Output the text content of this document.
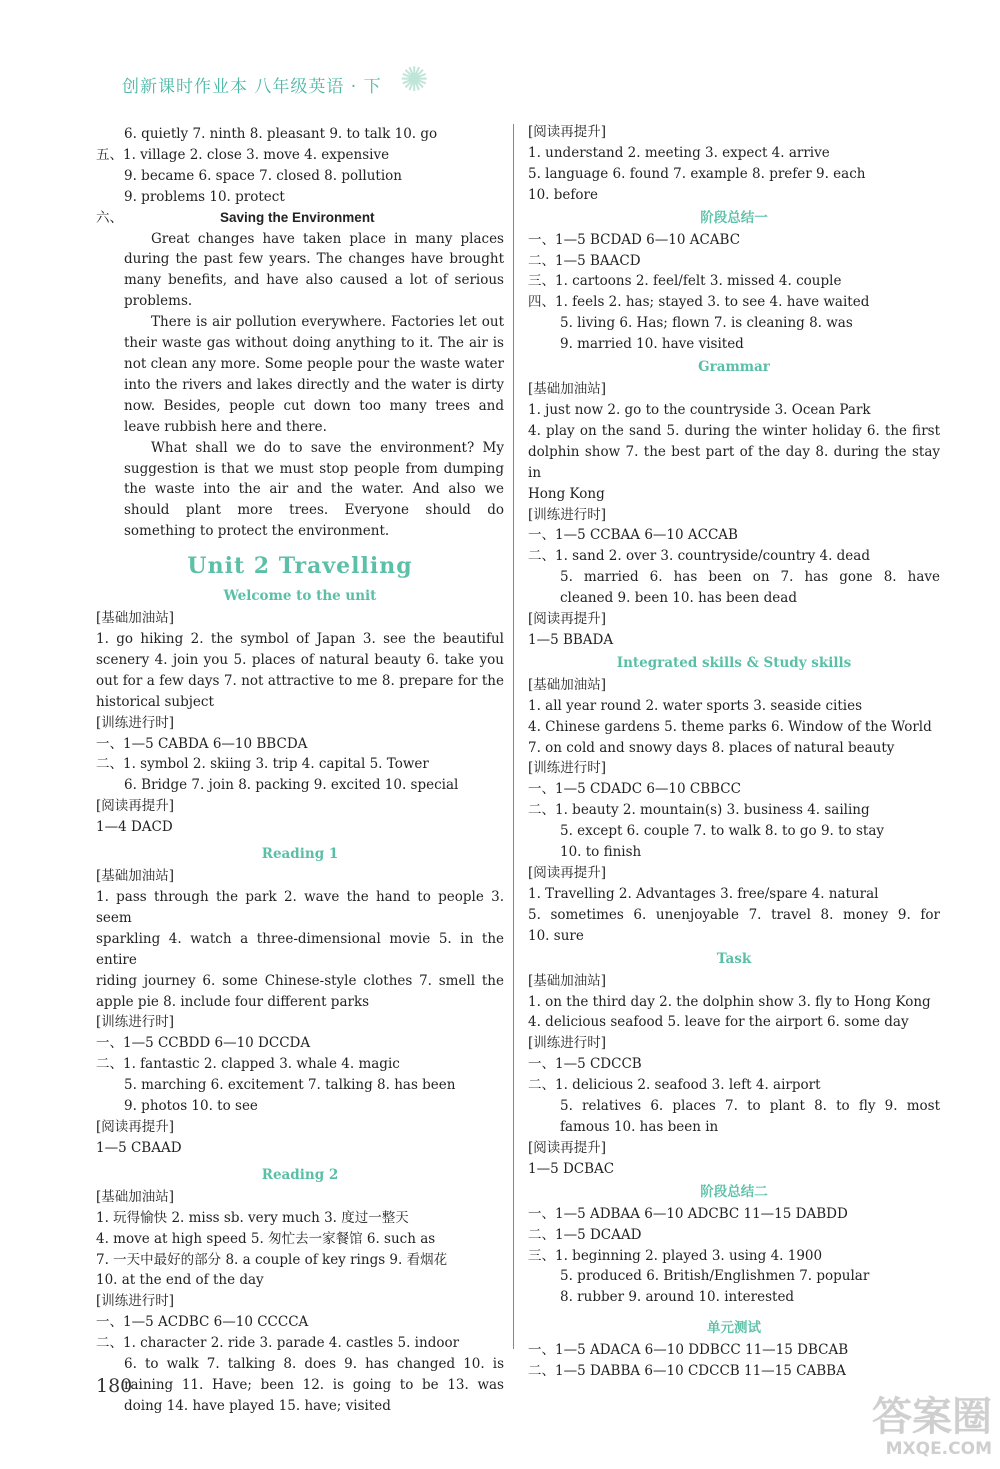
创新课时作业本 八年级英语 · 下 ✺
6. quietly 7. ninth 8. pleasant 9. to talk 10. go
五、1. village 2. close 3. move 4. expensive
9. became 6. space 7. closed 8. pollution
9. problems 10. protect
六、	Saving the Environment

Great changes have taken place in many places during the past few years. The changes have brought many benefits, and have also caused a lot of serious problems.

There is air pollution everywhere. Factories let out their waste gas without doing anything to it. The air is not clean any more. Some people pour the waste water into the rivers and lakes directly and the water is dirty now. Besides, people cut down too many trees and leave rubbish here and there.

What shall we do to save the environment? My suggestion is that we must stop people from dumping the waste into the air and the water. And also we should plant more trees. Everyone should do something to protect the environment.

Unit 2 Travelling
Welcome to the unit
[基础加油站]
1. go hiking 2. the symbol of Japan 3. see the beautiful
scenery 4. join you 5. places of natural beauty 6. take you
out for a few days 7. not attractive to me 8. prepare for the
historical subject
[训练进行时]
一、1—5 CABDA 6—10 BBCDA
二、1. symbol 2. skiing 3. trip 4. capital 5. Tower
6. Bridge 7. join 8. packing 9. excited 10. special
[阅读再提升]
1—4 DACD
Reading 1
[基础加油站]
1. pass through the park 2. wave the hand to people 3. seem
sparkling 4. watch a three-dimensional movie 5. in the entire
riding journey 6. some Chinese-style clothes 7. smell the
apple pie 8. include four different parks
[训练进行时]
一、1—5 CCBDD 6—10 DCCDA
二、1. fantastic 2. clapped 3. whale 4. magic
5. marching 6. excitement 7. talking 8. has been
9. photos 10. to see
[阅读再提升]
1—5 CBAAD
Reading 2
[基础加油站]
1. 玩得愉快 2. miss sb. very much 3. 度过一整天
4. move at high speed 5. 匆忙去一家餐馆 6. such as
7. 一天中最好的部分 8. a couple of key rings 9. 看烟花
10. at the end of the day
[训练进行时]
一、1—5 ACDBC 6—10 CCCCA
二、1. character 2. ride 3. parade 4. castles 5. indoor
6. to walk 7. talking 8. does 9. has changed 10. is
raining 11. Have; been 12. is going to be 13. was
doing 14. have played 15. have; visited
[阅读再提升]
1. understand 2. meeting 3. expect 4. arrive
5. language 6. found 7. example 8. prefer 9. each
10. before
阶段总结一
一、1—5 BCDAD 6—10 ACABC
二、1—5 BAACD
三、1. cartoons 2. feel/felt 3. missed 4. couple
四、1. feels 2. has; stayed 3. to see 4. have waited
5. living 6. Has; flown 7. is cleaning 8. was
9. married 10. have visited
Grammar
[基础加油站]
1. just now 2. go to the countryside 3. Ocean Park
4. play on the sand 5. during the winter holiday 6. the first
dolphin show 7. the best part of the day 8. during the stay in
Hong Kong
[训练进行时]
一、1—5 CCBAA 6—10 ACCAB
二、1. sand 2. over 3. countryside/country 4. dead
5. married 6. has been on 7. has gone 8. have
cleaned 9. been 10. has been dead
[阅读再提升]
1—5 BBADA
Integrated skills & Study skills
[基础加油站]
1. all year round 2. water sports 3. seaside cities
4. Chinese gardens 5. theme parks 6. Window of the World
7. on cold and snowy days 8. places of natural beauty
[训练进行时]
一、1—5 CDADC 6—10 CBBCC
二、1. beauty 2. mountain(s) 3. business 4. sailing
5. except 6. couple 7. to walk 8. to go 9. to stay
10. to finish
[阅读再提升]
1. Travelling 2. Advantages 3. free/spare 4. natural
5. sometimes 6. unenjoyable 7. travel 8. money 9. for
10. sure
Task
[基础加油站]
1. on the third day 2. the dolphin show 3. fly to Hong Kong
4. delicious seafood 5. leave for the airport 6. some day
[训练进行时]
一、1—5 CDCCB
二、1. delicious 2. seafood 3. left 4. airport
5. relatives 6. places 7. to plant 8. to fly 9. most
famous 10. has been in
[阅读再提升]
1—5 DCBAC
阶段总结二
一、1—5 ADBAA 6—10 ADCBC 11—15 DABDD
二、1—5 DCAAD
三、1. beginning 2. played 3. using 4. 1900
5. produced 6. British/Englishmen 7. popular
8. rubber 9. around 10. interested
单元测试
一、1—5 ADACA 6—10 DDBCC 11—15 DBCAB
二、1—5 DABBA 6—10 CDCCB 11—15 CABBA
180
答案圈
MXQE.COM
